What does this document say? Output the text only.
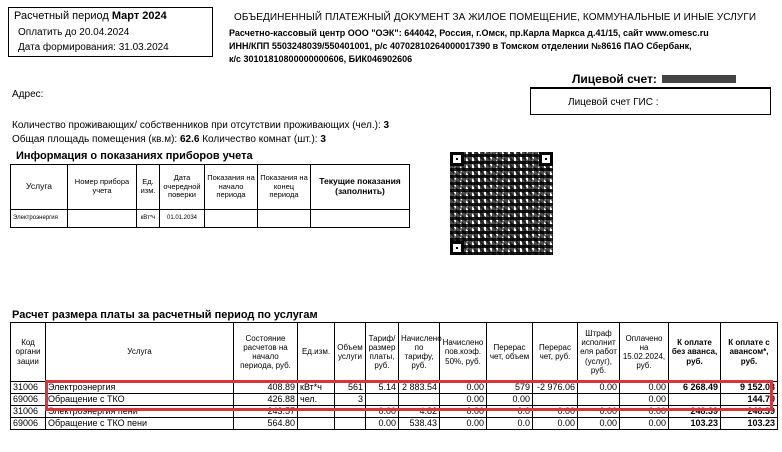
Расчетный период Март 2024
Оплатить до 20.04.2024
Дата формирования: 31.03.2024
ОБЪЕДИНЕННЫЙ ПЛАТЕЖНЫЙ ДОКУМЕНТ ЗА ЖИЛОЕ ПОМЕЩЕНИЕ, КОММУНАЛЬНЫЕ И ИНЫЕ УСЛУГИ
Расчетно-кассовый центр ООО "ОЭК": 644042, Россия, г.Омск, пр.Карла Маркса д.41/15, сайт www.omesc.ru
ИНН/КПП 5503248039/550401001, р/с 40702810264000017390 в Томском отделении №8616 ПАО Сбербанк,
к/с 30101810800000000606, БИК046902606
Лицевой счет:
Лицевой счет ГИС :
Адрес:
Количество проживающих/ собственников при отсутствии проживающих (чел.): 3
Общая площадь помещения (кв.м): 62.6 Количество комнат (шт.): 3
Информация о показаниях приборов учета
Услуга	Номер прибора учета	Ед. изм.	Дата очередной поверки	Показания на начало периода	Показания на конец периода	Текущие показания (заполнить)
Электроэнергия		кВт*ч	01.01.2034			
Расчет размера платы за расчетный период по услугам
Код органи зации	Услуга	Состояние расчетов на начало периода, руб.	Ед.изм.	Объем услуги	Тариф/ размер платы, руб.	Начислено по тарифу, руб.	Начислено пов.коэф. 50%, руб.	Перерас чет, объем	Перерас чет, руб.	Штраф исполнит еля работ (услуг), руб.	Оплачено на 15.02.2024, руб.	К оплате без аванса, руб.	К оплате с авансом*, руб.
31006	Электроэнергия	408.89	кВт*ч	561	5.14	2 883.54	0.00	579	-2 976.06	0.00	0.00	6 268.49	9 152.03
69006	Обращение с ТКО	426.88	чел.	3			0.00	0.00			0.00		144.70
31006	Электроэнергия пени	243.57			0.00	4.82	0.00	0.0	0.00	0.00	0.00	248.39	248.39
69006	Обращение с ТКО пени	564.80			0.00	538.43	0.00	0.0	0.00	0.00	0.00	103.23	103.23
